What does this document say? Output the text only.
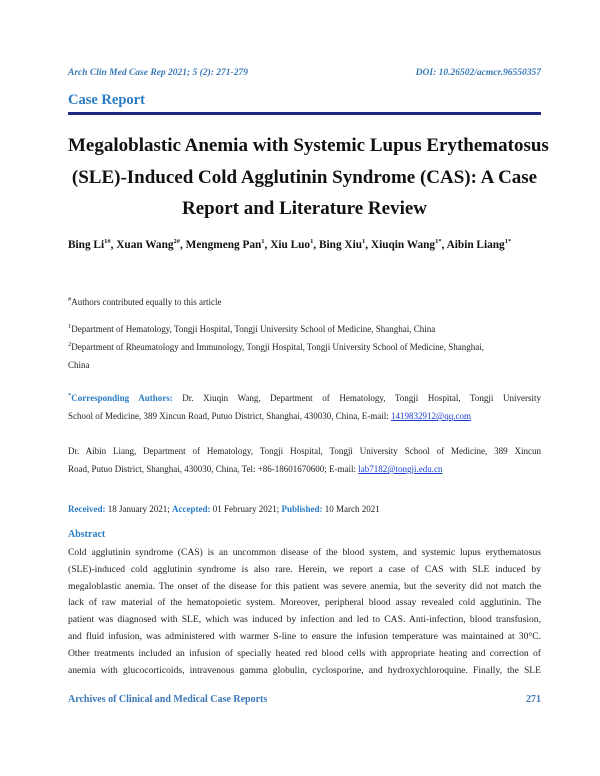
Arch Clin Med Case Rep 2021; 5 (2): 271-279	DOI: 10.26502/acmcr.96550357
Case Report
Megaloblastic Anemia with Systemic Lupus Erythematosus
(SLE)-Induced Cold Agglutinin Syndrome (CAS): A Case
Report and Literature Review
Bing $Li^{1\#}$, Xuan Wang$^{2\#}$, Mengmeng Pan$^1$, Xiu Luo$^1$, Bing Xiu$^1$, Xiuqin Wang$^{1*}$, Aibin Liang$^{1*}$
#Authors contributed equally to this article
$^1$Department of Hematology, Tongji Hospital, Tongji University School of Medicine, Shanghai, China
$^2$Department of Rheumatology and Immunology, Tongji Hospital, Tongji University School of Medicine, Shanghai,
China
*Corresponding Authors: Dr. Xiuqin Wang, Department of Hematology, Tongji Hospital, Tongji University
School of Medicine, 389 Xincun Road, Putuo District, Shanghai, 430030, China, E-mail: 1419832912@qq.com
Dr. Aibin Liang, Department of Hematology, Tongji Hospital, Tongji University School of Medicine, 389 Xincun
Road, Putuo District, Shanghai, 430030, China, Tel: +86-18601670600; E-mail: lab7182@tongji.edu.cn
Received: 18 January 2021; Accepted: 01 February 2021; Published: 10 March 2021
Abstract
Cold agglutinin syndrome (CAS) is an uncommon disease of the blood system, and systemic lupus erythematosus
(SLE)-induced cold agglutinin syndrome is also rare. Herein, we report a case of CAS with SLE induced by
megaloblastic anemia. The onset of the disease for this patient was severe anemia, but the severity did not match the
lack of raw material of the hematopoietic system. Moreover, peripheral blood assay revealed cold agglutinin. The
patient was diagnosed with SLE, which was induced by infection and led to CAS. Anti-infection, blood transfusion,
and fluid infusion, was administered with warmer S-line to ensure the infusion temperature was maintained at 30°C.
Other treatments included an infusion of specially heated red blood cells with appropriate heating and correction of
anemia with glucocorticoids, intravenous gamma globulin, cyclosporine, and hydroxychloroquine. Finally, the SLE
Archives of Clinical and Medical Case Reports	271
